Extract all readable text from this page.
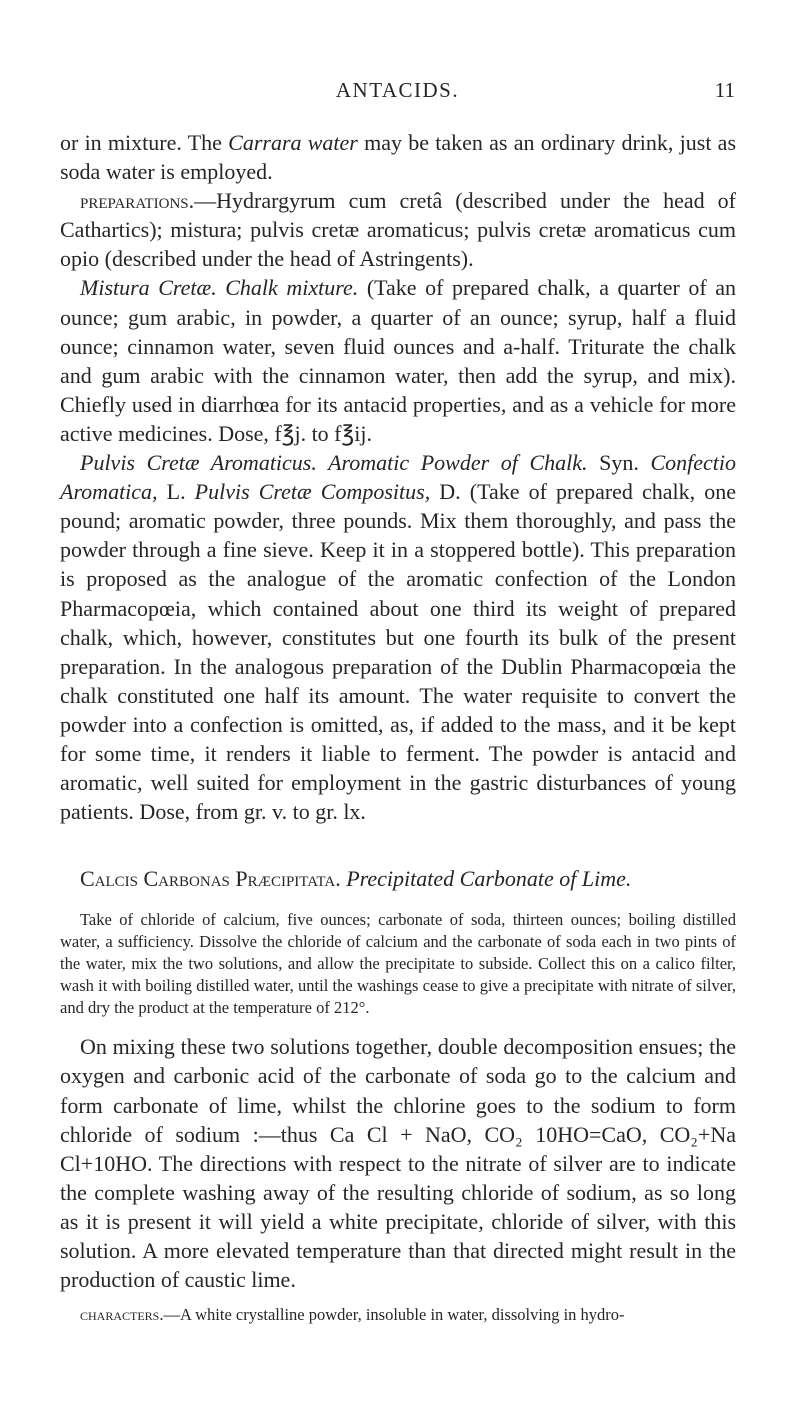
ANTACIDS.	11

or in mixture. The Carrara water may be taken as an ordinary drink, just as soda water is employed.

preparations.—Hydrargyrum cum cretâ (described under the head of Cathartics); mistura; pulvis cretæ aromaticus; pulvis cretæ aromaticus cum opio (described under the head of Astringents).

Mistura Cretæ. Chalk mixture. (Take of prepared chalk, a quarter of an ounce; gum arabic, in powder, a quarter of an ounce; syrup, half a fluid ounce; cinnamon water, seven fluid ounces and a-half. Triturate the chalk and gum arabic with the cinnamon water, then add the syrup, and mix). Chiefly used in diarrhœa for its antacid properties, and as a vehicle for more active medicines. Dose, f℥j. to f℥ij.

Pulvis Cretæ Aromaticus. Aromatic Powder of Chalk. Syn. Confectio Aromatica, L. Pulvis Cretæ Compositus, D. (Take of prepared chalk, one pound; aromatic powder, three pounds. Mix them thoroughly, and pass the powder through a fine sieve. Keep it in a stoppered bottle). This preparation is proposed as the analogue of the aromatic confection of the London Pharmacopœia, which contained about one third its weight of prepared chalk, which, however, constitutes but one fourth its bulk of the present preparation. In the analogous preparation of the Dublin Pharmacopœia the chalk constituted one half its amount. The water requisite to convert the powder into a confection is omitted, as, if added to the mass, and it be kept for some time, it renders it liable to ferment. The powder is antacid and aromatic, well suited for employment in the gastric disturbances of young patients. Dose, from gr. v. to gr. lx.

Calcis Carbonas Præcipitata. Precipitated Carbonate of Lime.

Take of chloride of calcium, five ounces; carbonate of soda, thirteen ounces; boiling distilled water, a sufficiency. Dissolve the chloride of calcium and the carbonate of soda each in two pints of the water, mix the two solutions, and allow the precipitate to subside. Collect this on a calico filter, wash it with boiling distilled water, until the washings cease to give a precipitate with nitrate of silver, and dry the product at the temperature of 212°.

On mixing these two solutions together, double decomposition ensues; the oxygen and carbonic acid of the carbonate of soda go to the calcium and form carbonate of lime, whilst the chlorine goes to the sodium to form chloride of sodium :—thus Ca Cl + NaO, CO₂ 10HO=CaO, CO₂+Na Cl+10HO. The directions with respect to the nitrate of silver are to indicate the complete washing away of the resulting chloride of sodium, as so long as it is present it will yield a white precipitate, chloride of silver, with this solution. A more elevated temperature than that directed might result in the production of caustic lime.

characters.—A white crystalline powder, insoluble in water, dissolving in hydro-
